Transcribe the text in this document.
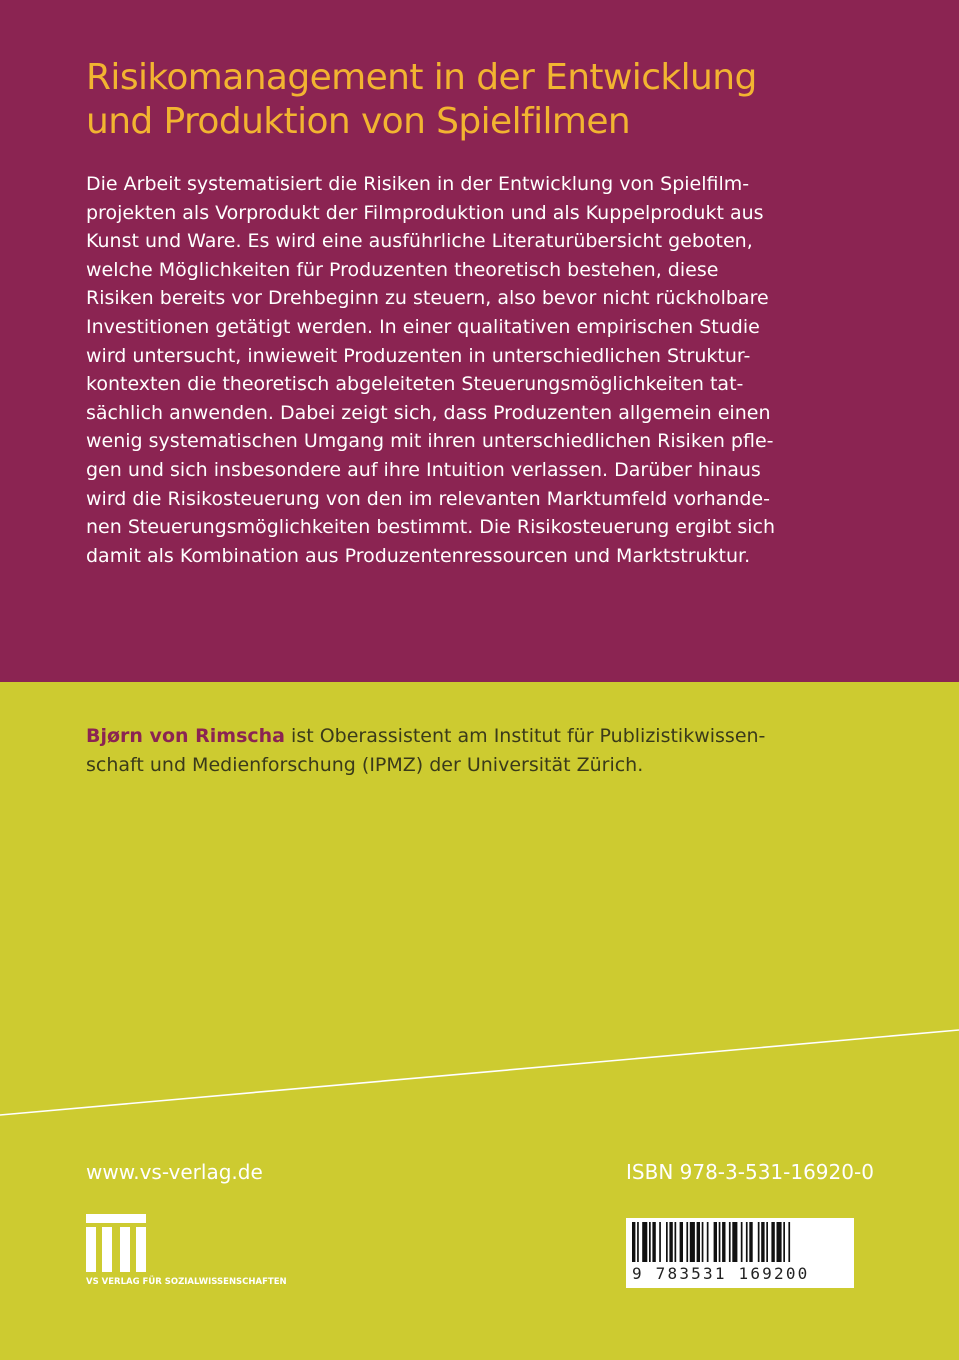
Risikomanagement in der Entwicklung
und Produktion von Spielfilmen
Die Arbeit systematisiert die Risiken in der Entwicklung von Spielfilm-
projekten als Vorprodukt der Filmproduktion und als Kuppelprodukt aus
Kunst und Ware. Es wird eine ausführliche Literaturübersicht geboten,
welche Möglichkeiten für Produzenten theoretisch bestehen, diese
Risiken bereits vor Drehbeginn zu steuern, also bevor nicht rückholbare
Investitionen getätigt werden. In einer qualitativen empirischen Studie
wird untersucht, inwieweit Produzenten in unterschiedlichen Struktur-
kontexten die theoretisch abgeleiteten Steuerungsmöglichkeiten tat-
sächlich anwenden. Dabei zeigt sich, dass Produzenten allgemein einen
wenig systematischen Umgang mit ihren unterschiedlichen Risiken pfle-
gen und sich insbesondere auf ihre Intuition verlassen. Darüber hinaus
wird die Risikosteuerung von den im relevanten Marktumfeld vorhande-
nen Steuerungsmöglichkeiten bestimmt. Die Risikosteuerung ergibt sich
damit als Kombination aus Produzentenressourcen und Marktstruktur.
Bjørn von Rimscha ist Oberassistent am Institut für Publizistikwissen-
schaft und Medienforschung (IPMZ) der Universität Zürich.
www.vs-verlag.de	ISBN 978-3-531-16920-0
VS VERLAG FÜR SOZIALWISSENSCHAFTEN	9 783531 169200
